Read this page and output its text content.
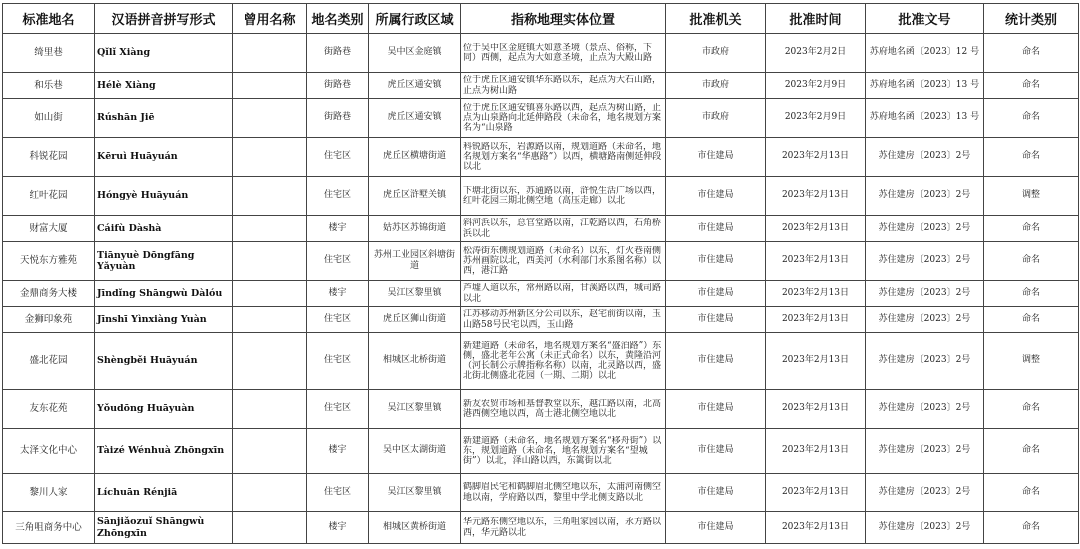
标准地名	汉语拼音拼写形式	曾用名称	地名类别	所属行政区域	指称地理实体位置	批准机关	批准时间	批准文号	统计类别
绮里巷	Qǐlǐ Xiàng		街路巷	吴中区金庭镇	位于吴中区金庭镇大如意圣境（景点、俗称，下同）西侧，起点为大如意圣境，止点为大殿山路	市政府	2023年2月2日	苏府地名函〔2023〕12 号	命名
和乐巷	Hélè Xiàng		街路巷	虎丘区通安镇	位于虎丘区通安镇华东路以东，起点为大石山路，止点为树山路	市政府	2023年2月9日	苏府地名函〔2023〕13 号	命名
如山街	Rúshān Jiē		街路巷	虎丘区通安镇	位于虎丘区通安镇喜乐路以西，起点为树山路，止点为山泉路向北延伸路段（未命名，地名规划方案名为“山泉路	市政府	2023年2月9日	苏府地名函〔2023〕13 号	命名
科锐花园	Kēruì Huāyuán		住宅区	虎丘区横塘街道	科锐路以东，岩源路以南，规划道路（未命名，地名规划方案名“华惠路”）以西，横塘路南侧延伸段以北	市住建局	2023年2月13日	苏住建房〔2023〕2号	命名
红叶花园	Hóngyè Huāyuán		住宅区	虎丘区浒墅关镇	下塘北街以东，苏通路以南，浒悦生活广场以西，红叶花园三期北侧空地（高压走廊）以北	市住建局	2023年2月13日	苏住建房〔2023〕2号	调整
财富大厦	Cáifù Dàshà		楼宇	姑苏区苏锦街道	斜河浜以东，总官堂路以南，江乾路以西，石角桥浜以北	市住建局	2023年2月13日	苏住建房〔2023〕2号	命名
天悦东方雅苑	Tiānyuè Dōngfāng Yǎyuàn		住宅区	苏州工业园区斜塘街道	松涛街东侧规划道路（未命名）以东，灯火巷南侧苏州画院以北，西美河（水利部门水系图名称）以西，港江路	市住建局	2023年2月13日	苏住建房〔2023〕2号	命名
金鼎商务大楼	Jīndǐng Shāngwù Dàlóu		楼宇	吴江区黎里镇	芦墟人道以东，常州路以南，甘溪路以西，城司路以北	市住建局	2023年2月13日	苏住建房〔2023〕2号	命名
金狮印象苑	Jīnshī Yìnxiàng Yuàn		住宅区	虎丘区狮山街道	江苏移动苏州新区分公司以东，赵宅前街以南，玉山路58号民宅以西，玉山路	市住建局	2023年2月13日	苏住建房〔2023〕2号	命名
盛北花园	Shèngběi Huāyuán		住宅区	相城区北桥街道	新建道路（未命名，地名规划方案名“盛泊路”）东侧，盛北老年公寓（未正式命名）以东，黄隆沿河（河长制公示牌指称名称）以南，北灵路以西，盛北街北侧盛北花园（一期、二期）以北	市住建局	2023年2月13日	苏住建房〔2023〕2号	调整
友东花苑	Yǒudōng Huāyuàn		住宅区	吴江区黎里镇	新友农贸市场和基督教堂以东，越江路以南，北高港西侧空地以西，高士港北侧空地以北	市住建局	2023年2月13日	苏住建房〔2023〕2号	命名
太泽文化中心	Tàizé Wénhuà Zhōngxīn		楼宇	吴中区太湖街道	新建道路（未命名，地名规划方案名“移舟街”）以东，规划道路（未命名，地名规划方案名“望城街”）以北，泽山路以西，东篱街以北	市住建局	2023年2月13日	苏住建房〔2023〕2号	命名
黎川人家	Líchuān Rénjiā		住宅区	吴江区黎里镇	鹤脚眉民宅和鹤脚眉北侧空地以东，太浦河南侧空地以南，学府路以西，黎里中学北侧支路以北	市住建局	2023年2月13日	苏住建房〔2023〕2号	命名
三角咀商务中心	Sānjiǎozuǐ Shāngwù Zhōngxīn		楼宇	相城区黄桥街道	华元路东侧空地以东，三角咀家园以南，永方路以西，华元路以北	市住建局	2023年2月13日	苏住建房〔2023〕2号	命名
